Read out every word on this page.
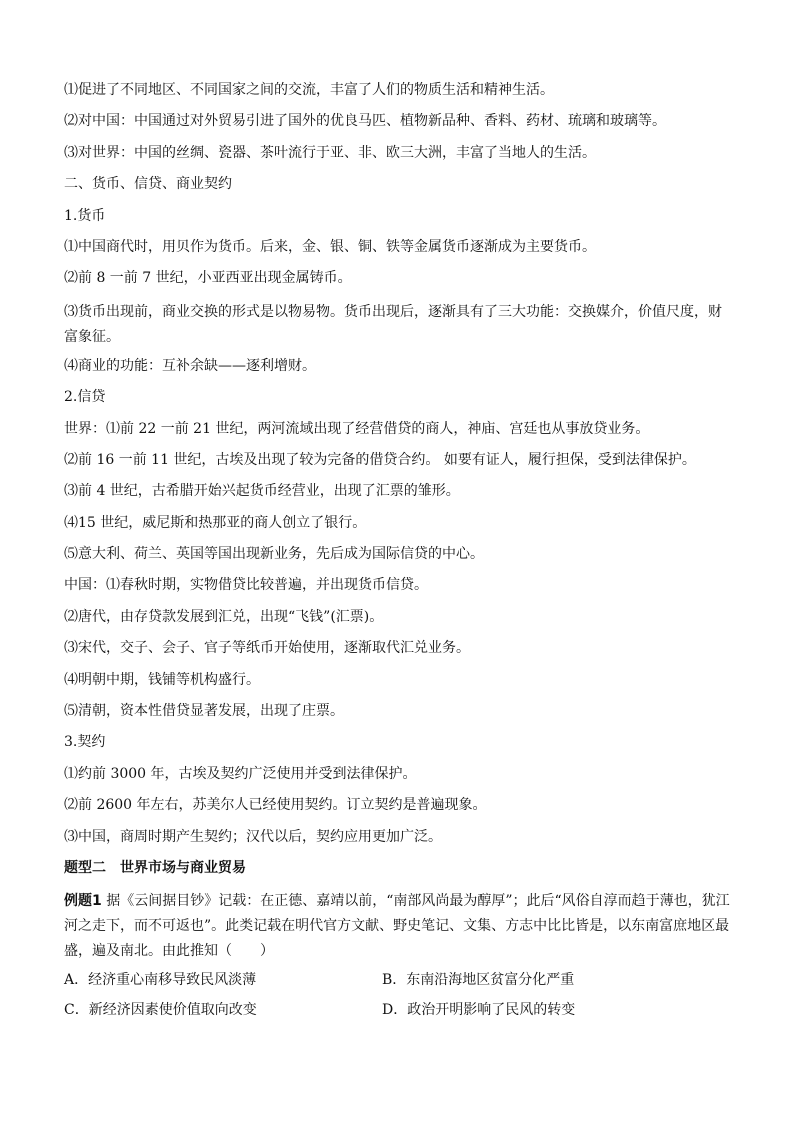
⑴促进了不同地区、不同国家之间的交流，丰富了人们的物质生活和精神生活。
⑵对中国：中国通过对外贸易引进了国外的优良马匹、植物新品种、香料、药材、琉璃和玻璃等。
⑶对世界：中国的丝绸、瓷器、茶叶流行于亚、非、欧三大洲，丰富了当地人的生活。
二、货币、信贷、商业契约
1.货币
⑴中国商代时，用贝作为货币。后来，金、银、铜、铁等金属货币逐渐成为主要货币。
⑵前 8 一前 7 世纪，小亚西亚出现金属铸币。
⑶货币出现前，商业交换的形式是以物易物。货币出现后，逐渐具有了三大功能：交换媒介，价值尺度，财富象征。
⑷商业的功能：互补余缺——逐利增财。
2.信贷
世界：⑴前 22 一前 21 世纪，两河流域出现了经营借贷的商人，神庙、宫廷也从事放贷业务。
⑵前 16 一前 11 世纪，古埃及出现了较为完备的借贷合约。 如要有证人，履行担保，受到法律保护。
⑶前 4 世纪，古希腊开始兴起货币经营业，出现了汇票的雏形。
⑷15 世纪，威尼斯和热那亚的商人创立了银行。
⑸意大利、荷兰、英国等国出现新业务，先后成为国际信贷的中心。
中国：⑴春秋时期，实物借贷比较普遍，并出现货币信贷。
⑵唐代，由存贷款发展到汇兑，出现“飞钱”(汇票)。
⑶宋代，交子、会子、官子等纸币开始使用，逐渐取代汇兑业务。
⑷明朝中期，钱铺等机构盛行。
⑸清朝，资本性借贷显著发展，出现了庄票。
3.契约
⑴约前 3000 年，古埃及契约广泛使用并受到法律保护。
⑵前 2600 年左右，苏美尔人已经使用契约。订立契约是普遍现象。
⑶中国，商周时期产生契约；汉代以后，契约应用更加广泛。
题型二 世界市场与商业贸易
例题1 据《云间据目钞》记载：在正德、嘉靖以前，“南部风尚最为醇厚”；此后“风俗自淳而趋于薄也，犹江河之走下，而不可返也”。此类记载在明代官方文献、野史笔记、文集、方志中比比皆是，以东南富庶地区最盛，遍及南北。由此推知（　　）
A．经济重心南移导致民风淡薄	B．东南沿海地区贫富分化严重
C．新经济因素使价值取向改变	D．政治开明影响了民风的转变
